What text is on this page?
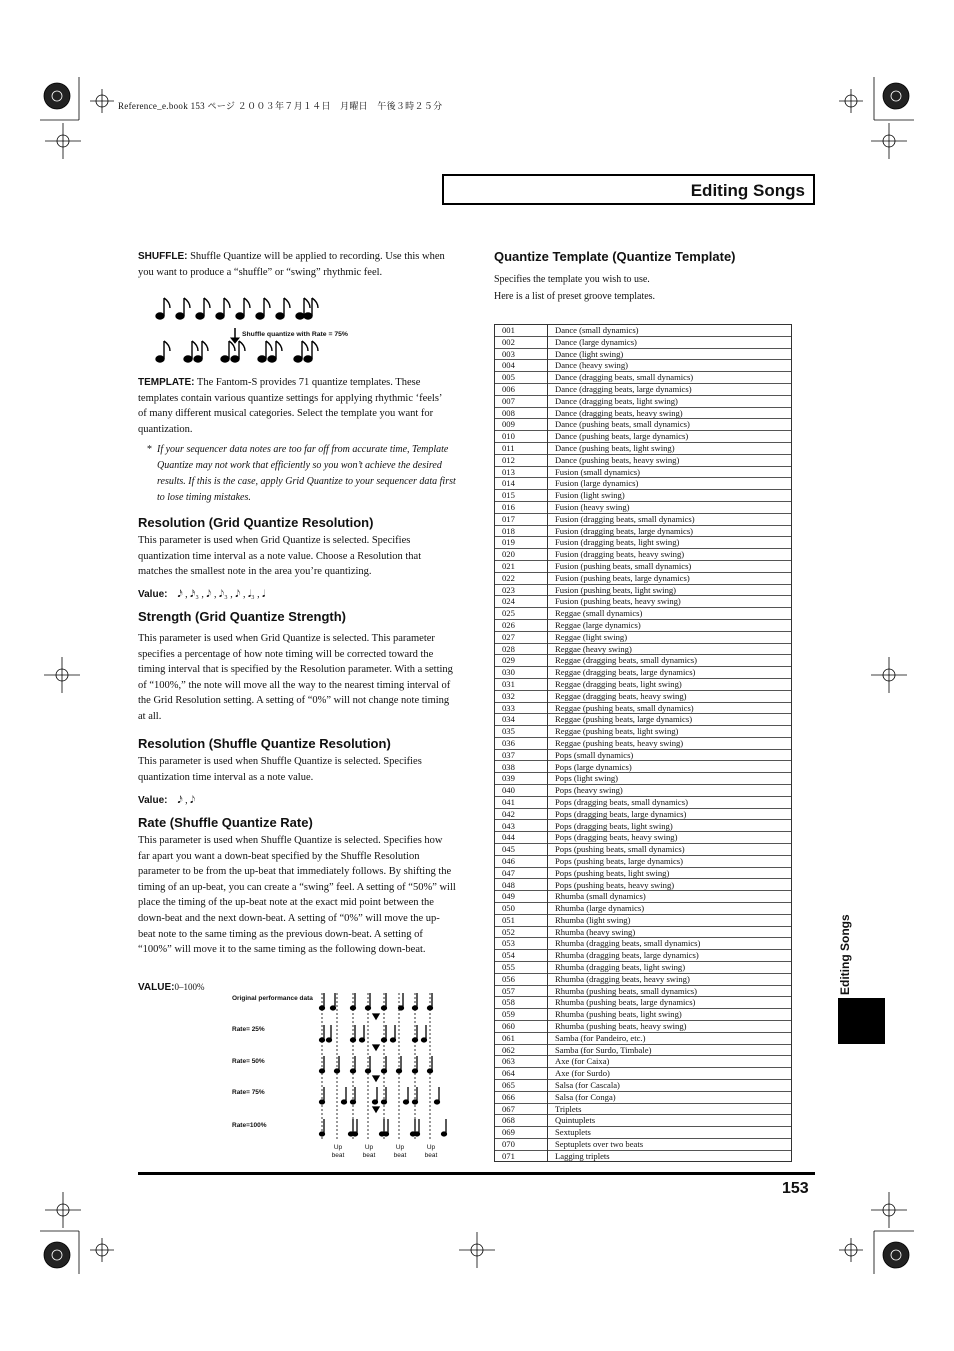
Reference_e.book 153 ページ ２００３年７月１４日　月曜日　午後３時２５分
Editing Songs
Editing Songs
SHUFFLE: Shuffle Quantize will be applied to recording. Use this when you want to produce a “shuffle” or “swing” rhythmic feel.
Shuffle quantize with Rate = 75%
TEMPLATE: The Fantom-S provides 71 quantize templates. These templates contain various quantize settings for applying rhythmic ‘feels’ of many different musical categories. Select the template you want for quantization.
* If your sequencer data notes are too far off from accurate time, Template Quantize may not work that efficiently so you won’t achieve the desired results. If this is the case, apply Grid Quantize to your sequencer data first to lose timing mistakes.
Resolution (Grid Quantize Resolution)
This parameter is used when Grid Quantize is selected. Specifies quantization time interval as a note value. Choose a Resolution that matches the smallest note in the area you’re quantizing.
Value: 𝅘𝅥𝅯 , 𝅘𝅥𝅯₃ , 𝅘𝅥𝅮 , 𝅘𝅥𝅮₃ , 𝅘𝅥𝅮 , 𝅘𝅥₃ , 𝅘𝅥
Strength (Grid Quantize Strength)
This parameter is used when Grid Quantize is selected. This parameter specifies a percentage of how note timing will be corrected toward the timing interval that is specified by the Resolution parameter. With a setting of “100%,” the note will move all the way to the nearest timing interval of the Grid Resolution setting. A setting of “0%” will not change note timing at all.
Resolution (Shuffle Quantize Resolution)
This parameter is used when Shuffle Quantize is selected. Specifies quantization time interval as a note value.
Value: 𝅘𝅥𝅯 , 𝅘𝅥𝅮
Rate (Shuffle Quantize Rate)
This parameter is used when Shuffle Quantize is selected. Specifies how far apart you want a down-beat specified by the Shuffle Resolution parameter to be from the up-beat that immediately follows. By shifting the timing of an up-beat, you can create a “swing” feel. A setting of “50%” will place the timing of the up-beat note at the exact mid point between the down-beat and the next down-beat. A setting of “0%” will move the up-beat note to the same timing as the previous down-beat. A setting of “100%” will move it to the same timing as the following down-beat.
VALUE:0–100%
Original performance data
Rate= 25%
Rate= 50%
Rate= 75%
Rate=100%
Up
beat
Up
beat
Up
beat
Up
beat
Quantize Template (Quantize Template)
Specifies the template you wish to use.
Here is a list of preset groove templates.
001	Dance (small dynamics)
002	Dance (large dynamics)
003	Dance (light swing)
004	Dance (heavy swing)
005	Dance (dragging beats, small dynamics)
006	Dance (dragging beats, large dynamics)
007	Dance (dragging beats, light swing)
008	Dance (dragging beats, heavy swing)
009	Dance (pushing beats, small dynamics)
010	Dance (pushing beats, large dynamics)
011	Dance (pushing beats, light swing)
012	Dance (pushing beats, heavy swing)
013	Fusion (small dynamics)
014	Fusion (large dynamics)
015	Fusion (light swing)
016	Fusion (heavy swing)
017	Fusion (dragging beats, small dynamics)
018	Fusion (dragging beats, large dynamics)
019	Fusion (dragging beats, light swing)
020	Fusion (dragging beats, heavy swing)
021	Fusion (pushing beats, small dynamics)
022	Fusion (pushing beats, large dynamics)
023	Fusion (pushing beats, light swing)
024	Fusion (pushing beats, heavy swing)
025	Reggae (small dynamics)
026	Reggae (large dynamics)
027	Reggae (light swing)
028	Reggae (heavy swing)
029	Reggae (dragging beats, small dynamics)
030	Reggae (dragging beats, large dynamics)
031	Reggae (dragging beats, light swing)
032	Reggae (dragging beats, heavy swing)
033	Reggae (pushing beats, small dynamics)
034	Reggae (pushing beats, large dynamics)
035	Reggae (pushing beats, light swing)
036	Reggae (pushing beats, heavy swing)
037	Pops (small dynamics)
038	Pops (large dynamics)
039	Pops (light swing)
040	Pops (heavy swing)
041	Pops (dragging beats, small dynamics)
042	Pops (dragging beats, large dynamics)
043	Pops (dragging beats, light swing)
044	Pops (dragging beats, heavy swing)
045	Pops (pushing beats, small dynamics)
046	Pops (pushing beats, large dynamics)
047	Pops (pushing beats, light swing)
048	Pops (pushing beats, heavy swing)
049	Rhumba (small dynamics)
050	Rhumba (large dynamics)
051	Rhumba (light swing)
052	Rhumba (heavy swing)
053	Rhumba (dragging beats, small dynamics)
054	Rhumba (dragging beats, large dynamics)
055	Rhumba (dragging beats, light swing)
056	Rhumba (dragging beats, heavy swing)
057	Rhumba (pushing beats, small dynamics)
058	Rhumba (pushing beats, large dynamics)
059	Rhumba (pushing beats, light swing)
060	Rhumba (pushing beats, heavy swing)
061	Samba (for Pandeiro, etc.)
062	Samba (for Surdo, Timbale)
063	Axe (for Caixa)
064	Axe (for Surdo)
065	Salsa (for Cascala)
066	Salsa (for Conga)
067	Triplets
068	Quintuplets
069	Sextuplets
070	Septuplets over two beats
071	Lagging triplets
153
